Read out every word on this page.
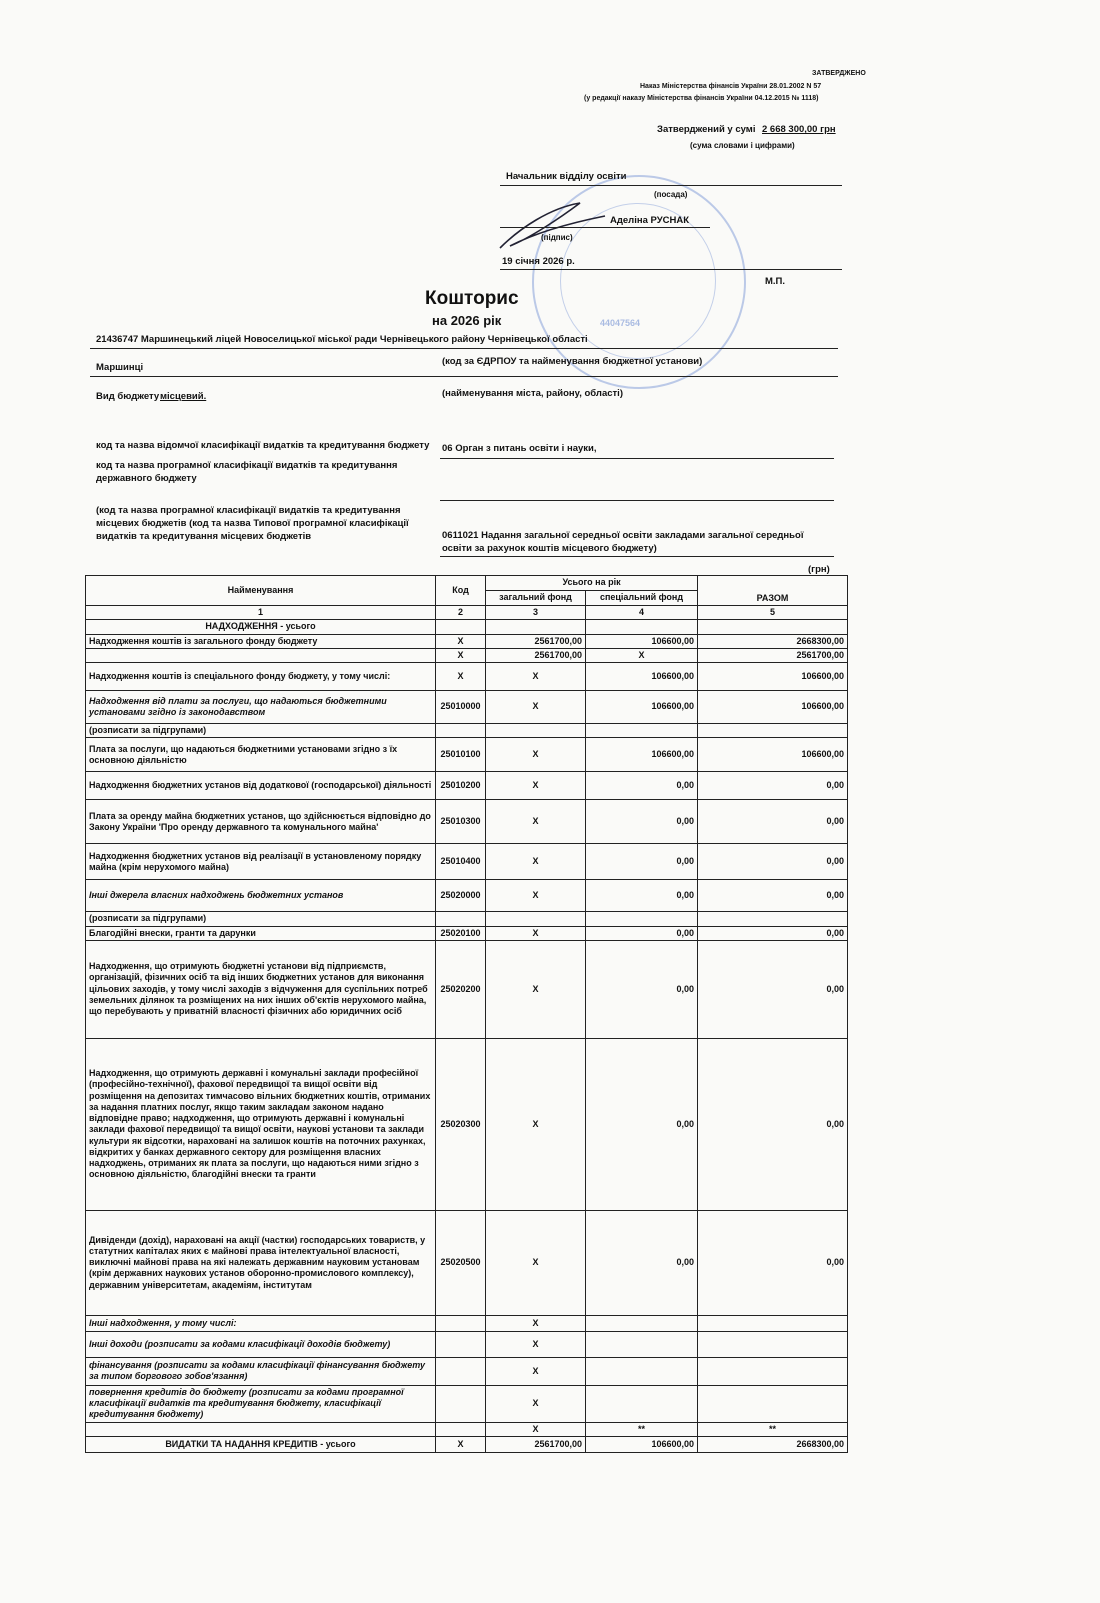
ЗАТВЕРДЖЕНО
Наказ Міністерства фінансів України 28.01.2002 N 57
(у редакції наказу Міністерства фінансів України 04.12.2015 № 1118)
Затверджений у сумі 2 668 300,00 грн
(сума словами і цифрами)
44047564
Начальник відділу освіти
(посада)
Аделіна РУСНАК
(підпис)
19 січня 2026 р.
М.П.
Кошторис
на 2026 рік
21436747 Маршинецький ліцей Новоселицької міської ради Чернівецького району Чернівецької області
(код за ЄДРПОУ та найменування бюджетної установи)
Маршинці
(найменування міста, району, області)
Вид бюджету місцевий.
код та назва відомчої класифікації видатків та кредитування бюджету	06 Орган з питань освіти і науки,
код та назва програмної класифікації видатків та кредитування державного бюджету
(код та назва програмної класифікації видатків та кредитування місцевих бюджетів (код та назва Типової програмної класифікації видатків та кредитування місцевих бюджетів	0611021 Надання загальної середньої освіти закладами загальної середньої освіти за рахунок коштів місцевого бюджету)
(грн)
Найменування	Код	Усього на рік		РАЗОМ
		загальний фонд	спеціальний фонд	
1	2	3	4	5
НАДХОДЖЕННЯ - усього				
Надходження коштів із загального фонду бюджету	X	2561700,00	106600,00	2668300,00
	X	2561700,00	X	2561700,00
Надходження коштів із спеціального фонду бюджету, у тому числі:	X	X	106600,00	106600,00
Надходження від плати за послуги, що надаються бюджетними установами згідно із законодавством	25010000	X	106600,00	106600,00
(розписати за підгрупами)				
Плата за послуги, що надаються бюджетними установами згідно з їх основною діяльністю	25010100	X	106600,00	106600,00
Надходження бюджетних установ від додаткової (господарської) діяльності	25010200	X	0,00	0,00
Плата за оренду майна бюджетних установ, що здійснюється відповідно до Закону України 'Про оренду державного та комунального майна'	25010300	X	0,00	0,00
Надходження бюджетних установ від реалізації в установленому порядку майна (крім нерухомого майна)	25010400	X	0,00	0,00
Інші джерела власних надходжень бюджетних установ	25020000	X	0,00	0,00
(розписати за підгрупами)				
Благодійні внески, гранти та дарунки	25020100	X	0,00	0,00
Надходження, що отримують бюджетні установи від підприємств, організацій, фізичних осіб та від інших бюджетних установ для виконання цільових заходів, у тому числі заходів з відчуження для суспільних потреб земельних ділянок та розміщених на них інших об'єктів нерухомого майна, що перебувають у приватній власності фізичних або юридичних осіб	25020200	X	0,00	0,00
Надходження, що отримують державні і комунальні заклади професійної (професійно-технічної), фахової передвищої та вищої освіти від розміщення на депозитах тимчасово вільних бюджетних коштів, отриманих за надання платних послуг, якщо таким закладам законом надано відповідне право; надходження, що отримують державні і комунальні заклади фахової передвищої та вищої освіти, наукові установи та заклади культури як відсотки, нараховані на залишок коштів на поточних рахунках, відкритих у банках державного сектору для розміщення власних надходжень, отриманих як плата за послуги, що надаються ними згідно з основною діяльністю, благодійні внески та гранти	25020300	X	0,00	0,00
Дивіденди (дохід), нараховані на акції (частки) господарських товариств, у статутних капіталах яких є майнові права інтелектуальної власності, виключні майнові права на які належать державним науковим установам (крім державних наукових установ оборонно-промислового комплексу), державним університетам, академіям, інститутам	25020500	X	0,00	0,00
Інші надходження, у тому числі:		X		
Інші доходи (розписати за кодами класифікації доходів бюджету)		X		
фінансування (розписати за кодами класифікації фінансування бюджету за типом боргового зобов'язання)		X		
повернення кредитів до бюджету (розписати за кодами програмної класифікації видатків та кредитування бюджету, класифікації кредитування бюджету)		X		
		X	**	**
ВИДАТКИ ТА НАДАННЯ КРЕДИТІВ - усього	X	2561700,00	106600,00	2668300,00
